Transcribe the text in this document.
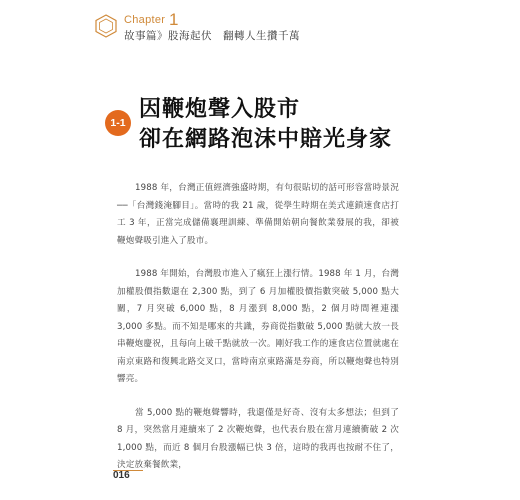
Chapter 1
故事篇》股海起伏　翻轉人生攢千萬
1-1
因鞭炮聲入股市
卻在網路泡沫中賠光身家

1988 年，台灣正值經濟強盛時期，有句很貼切的話可形容當時景況──「台灣錢淹腳目」。當時的我 21 歲，從學生時期在美式連鎖速食店打工 3 年，正當完成儲備襄理訓練、準備開始朝向餐飲業發展的我，卻被鞭炮聲吸引進入了股市。

1988 年開始，台灣股市進入了瘋狂上漲行情。1988 年 1 月，台灣加權股價指數還在 2,300 點，到了 6 月加權股價指數突破 5,000 點大關，7 月突破 6,000 點，8 月漲到 8,000 點，2 個月時間裡連漲 3,000 多點。而不知是哪來的共識，券商從指數破 5,000 點就大放一長串鞭炮慶祝，且每向上破千點就放一次。剛好我工作的速食店位置就處在南京東路和復興北路交叉口，當時南京東路滿是券商，所以鞭炮聲也特別響亮。

當 5,000 點的鞭炮聲響時，我還僅是好奇、沒有太多想法；但到了 8 月，突然當月連續來了 2 次鞭炮聲，也代表台股在當月連續衝破 2 次 1,000 點，而近 8 個月台股漲幅已快 3 倍，這時的我再也按耐不住了，決定放棄餐飲業，

016
